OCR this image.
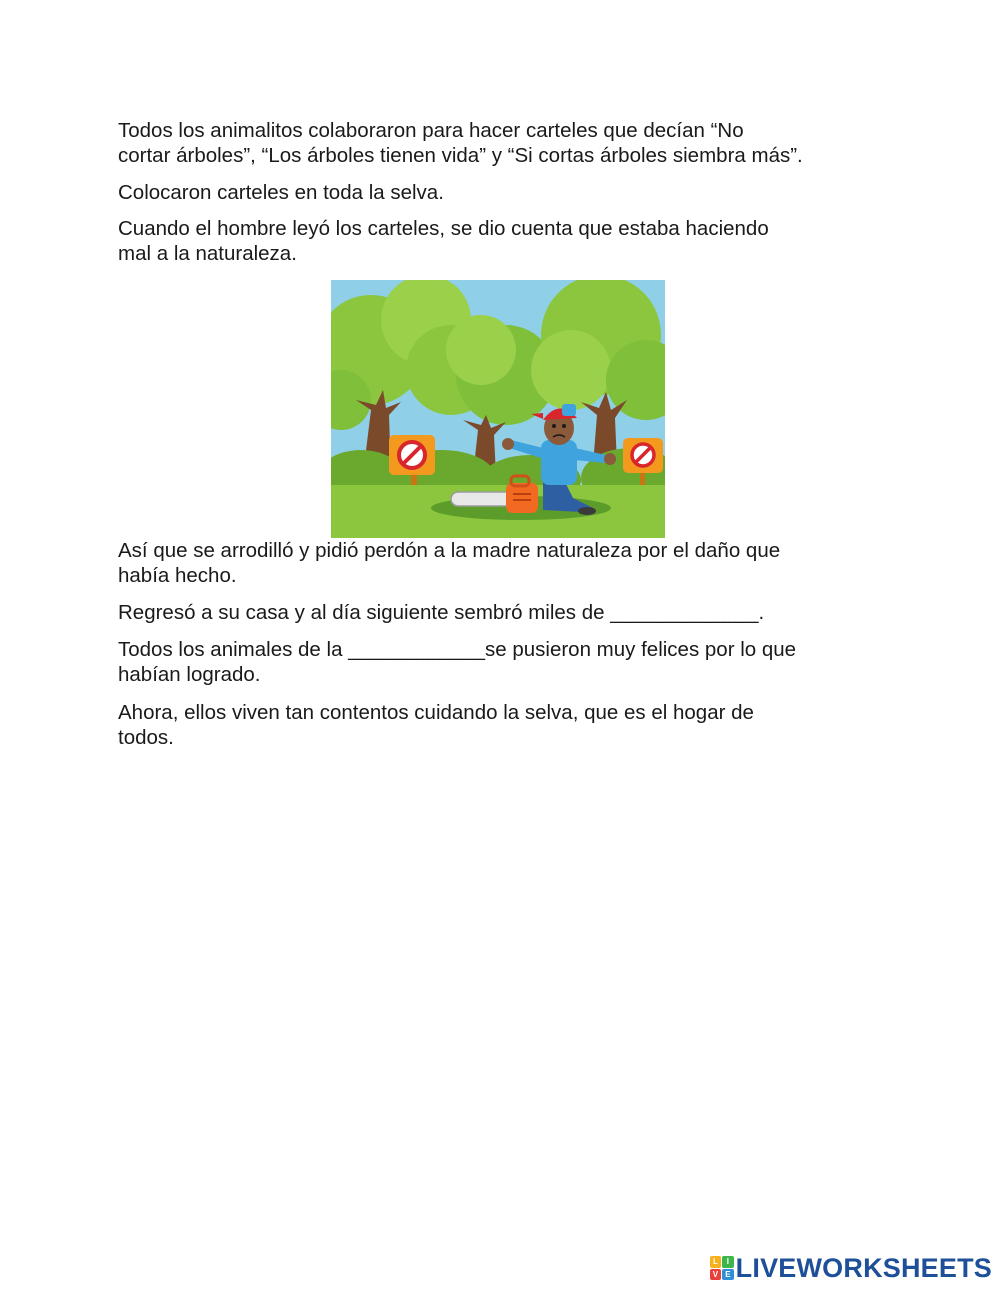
Todos los animalitos colaboraron para hacer carteles que decían “No
cortar árboles”, “Los árboles tienen vida” y “Si cortas árboles siembra más”.

Colocaron carteles en toda la selva.

Cuando el hombre leyó los carteles, se dio cuenta que estaba haciendo
mal a la naturaleza.

Así que se arrodilló y pidió perdón a la madre naturaleza por el daño que
había hecho.

Regresó a su casa y al día siguiente sembró miles de _____________.

Todos los animales de la ____________se pusieron muy felices por lo que
habían logrado.

Ahora, ellos viven tan contentos cuidando la selva, que es el hogar de
todos.

L	I
V E LIVEWORKSHEETS
